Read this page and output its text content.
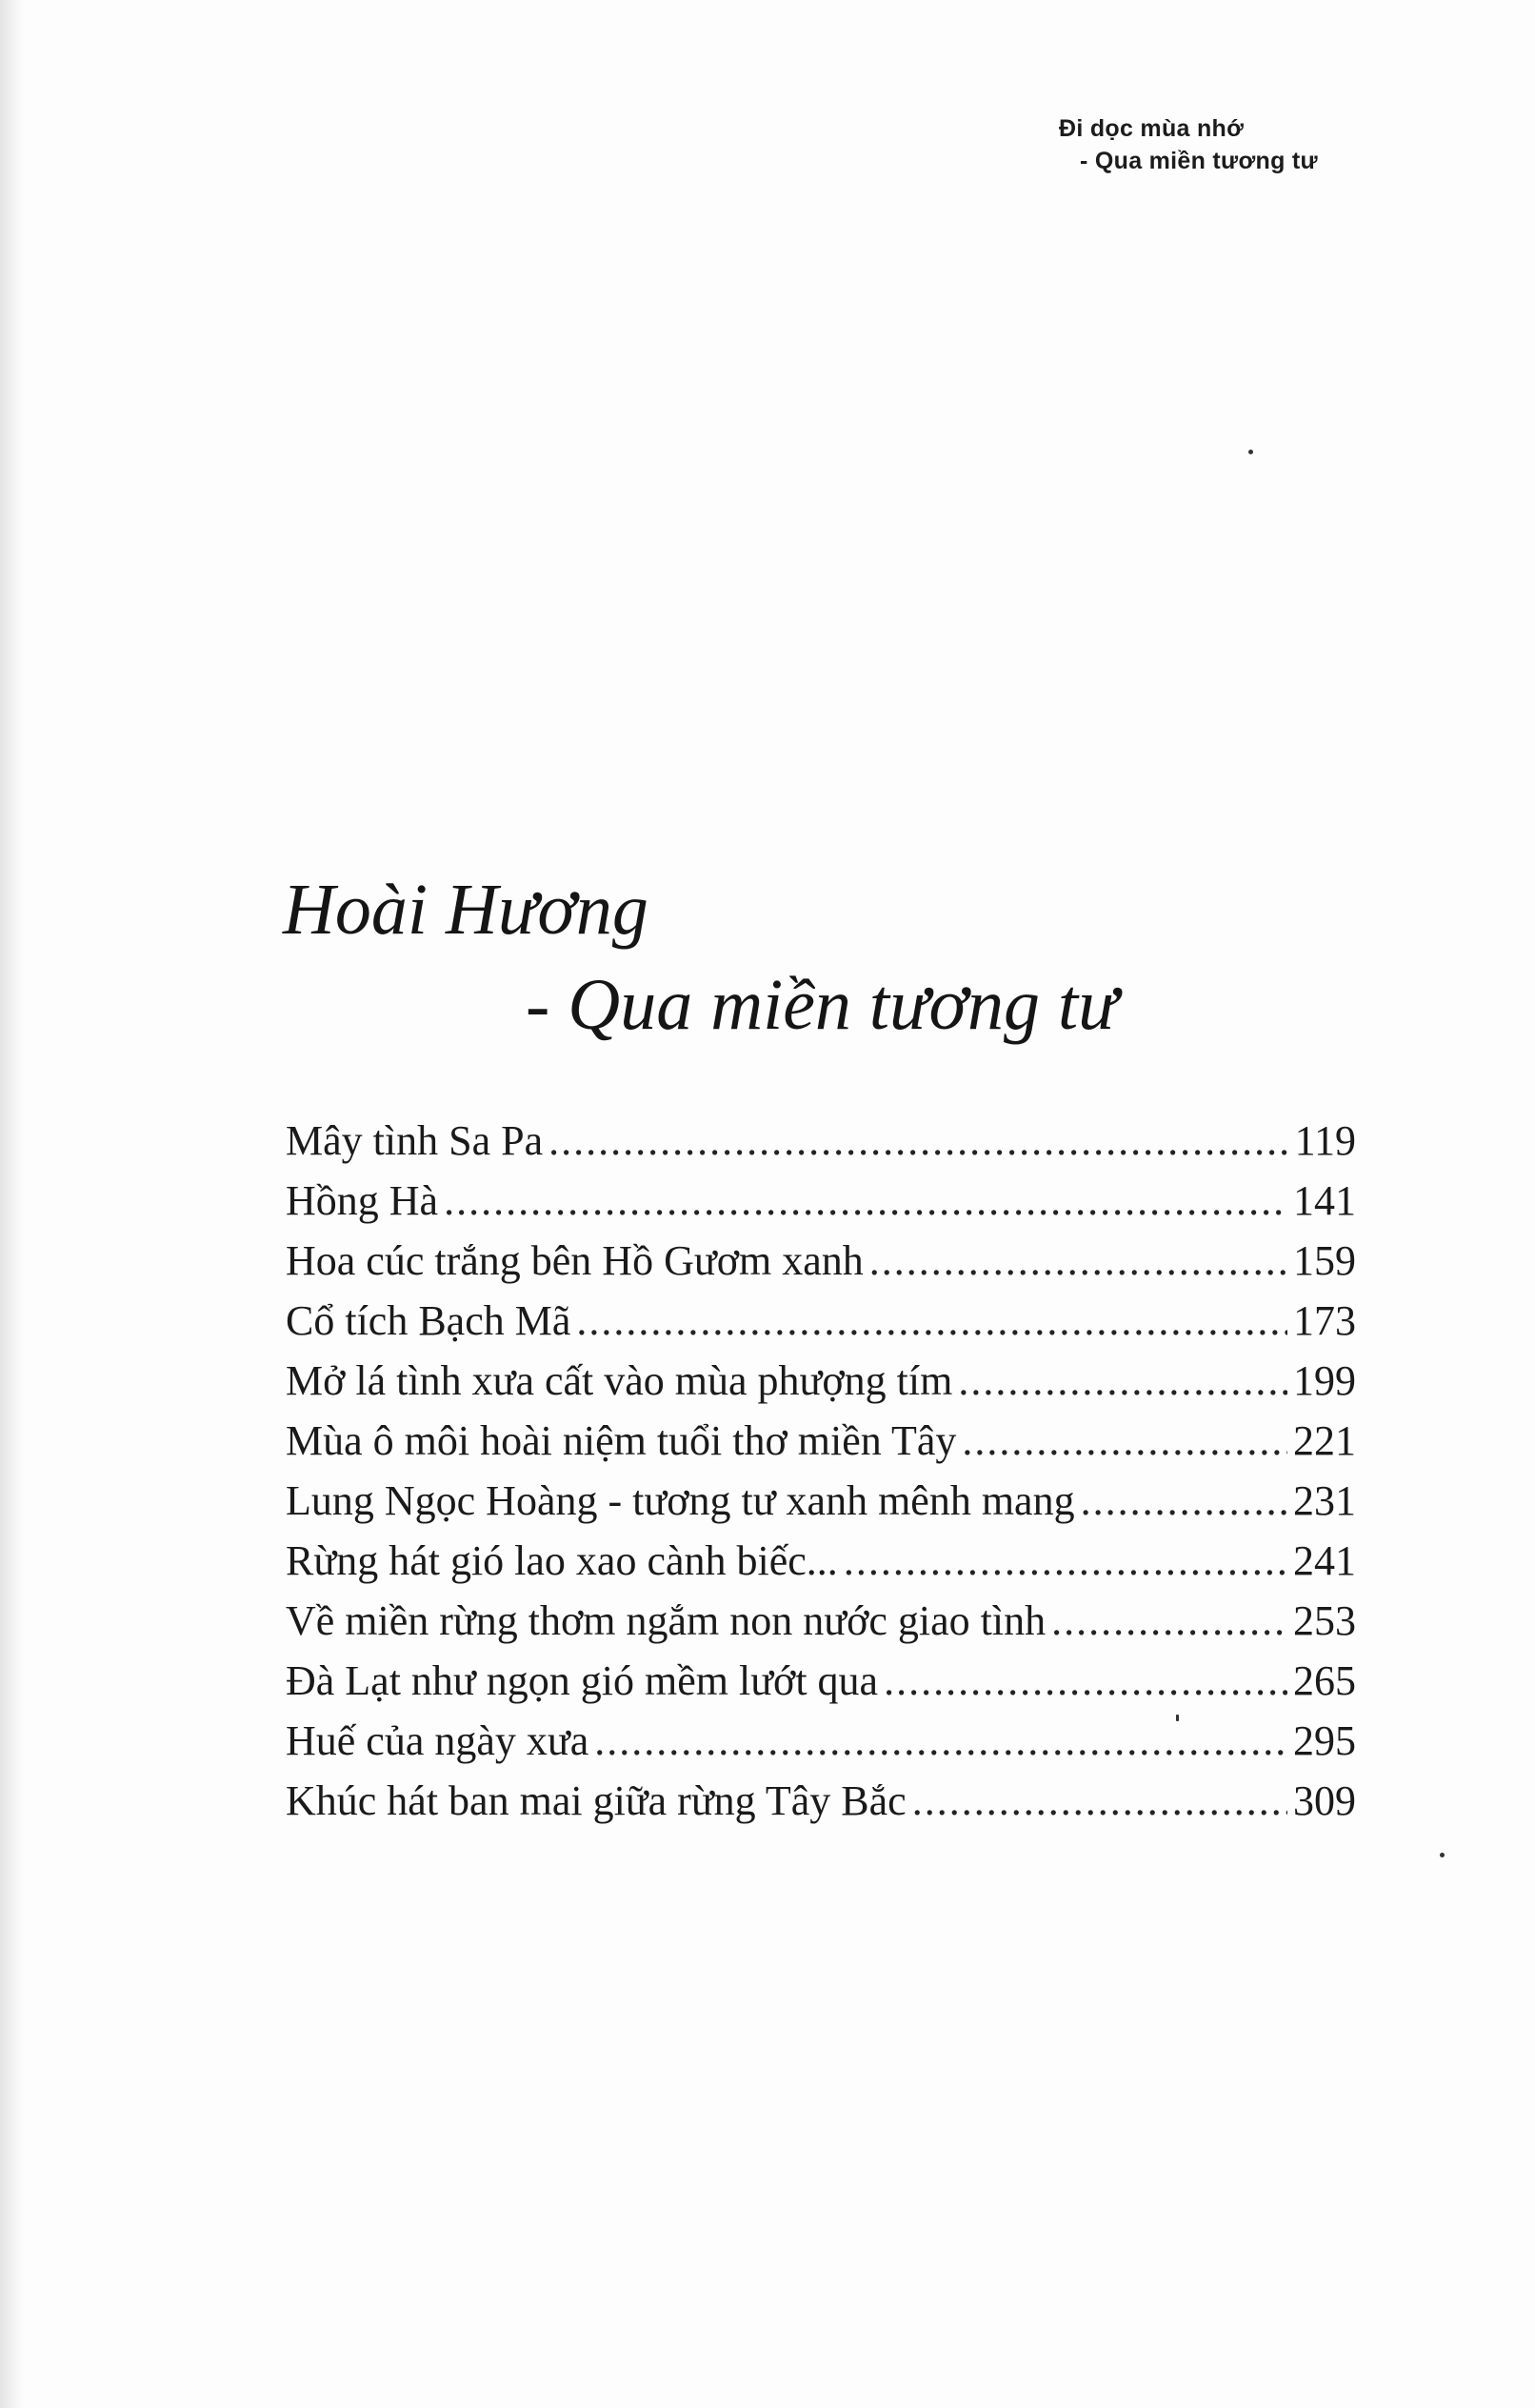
Đi dọc mùa nhớ
- Qua miền tương tư
Hoài Hương
- Qua miền tương tư
Mây tình Sa Pa .....	119
Hồng Hà .....	141
Hoa cúc trắng bên Hồ Gươm xanh .....	159
Cổ tích Bạch Mã .....	173
Mở lá tình xưa cất vào mùa phượng tím .....	199
Mùa ô môi hoài niệm tuổi thơ miền Tây .....	221
Lung Ngọc Hoàng - tương tư xanh mênh mang .....	231
Rừng hát gió lao xao cành biếc... .....	241
Về miền rừng thơm ngắm non nước giao tình .....	253
Đà Lạt như ngọn gió mềm lướt qua .....	265
Huế của ngày xưa .....	295
Khúc hát ban mai giữa rừng Tây Bắc .....	309
